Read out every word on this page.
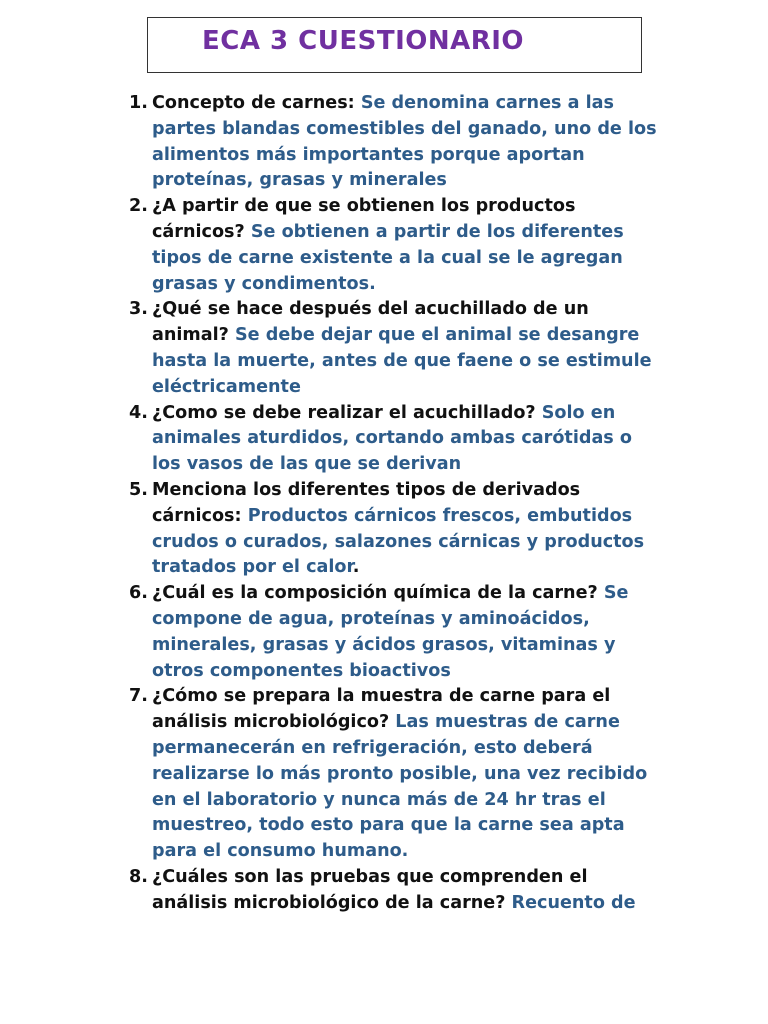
ECA 3 CUESTIONARIO
1. Concepto de carnes: Se denomina carnes a las partes blandas comestibles del ganado, uno de los alimentos más importantes porque aportan proteínas, grasas y minerales
2. ¿A partir de que se obtienen los productos cárnicos? Se obtienen a partir de los diferentes tipos de carne existente a la cual se le agregan grasas y condimentos.
3. ¿Qué se hace después del acuchillado de un animal? Se debe dejar que el animal se desangre hasta la muerte, antes de que faene o se estimule eléctricamente
4. ¿Como se debe realizar el acuchillado? Solo en animales aturdidos, cortando ambas carótidas o los vasos de las que se derivan
5. Menciona los diferentes tipos de derivados cárnicos: Productos cárnicos frescos, embutidos crudos o curados, salazones cárnicas y productos tratados por el calor.
6. ¿Cuál es la composición química de la carne? Se compone de agua, proteínas y aminoácidos, minerales, grasas y ácidos grasos, vitaminas y otros componentes bioactivos
7. ¿Cómo se prepara la muestra de carne para el análisis microbiológico? Las muestras de carne permanecerán en refrigeración, esto deberá realizarse lo más pronto posible, una vez recibido en el laboratorio y nunca más de 24 hr tras el muestreo, todo esto para que la carne sea apta para el consumo humano.
8. ¿Cuáles son las pruebas que comprenden el análisis microbiológico de la carne? Recuento de
